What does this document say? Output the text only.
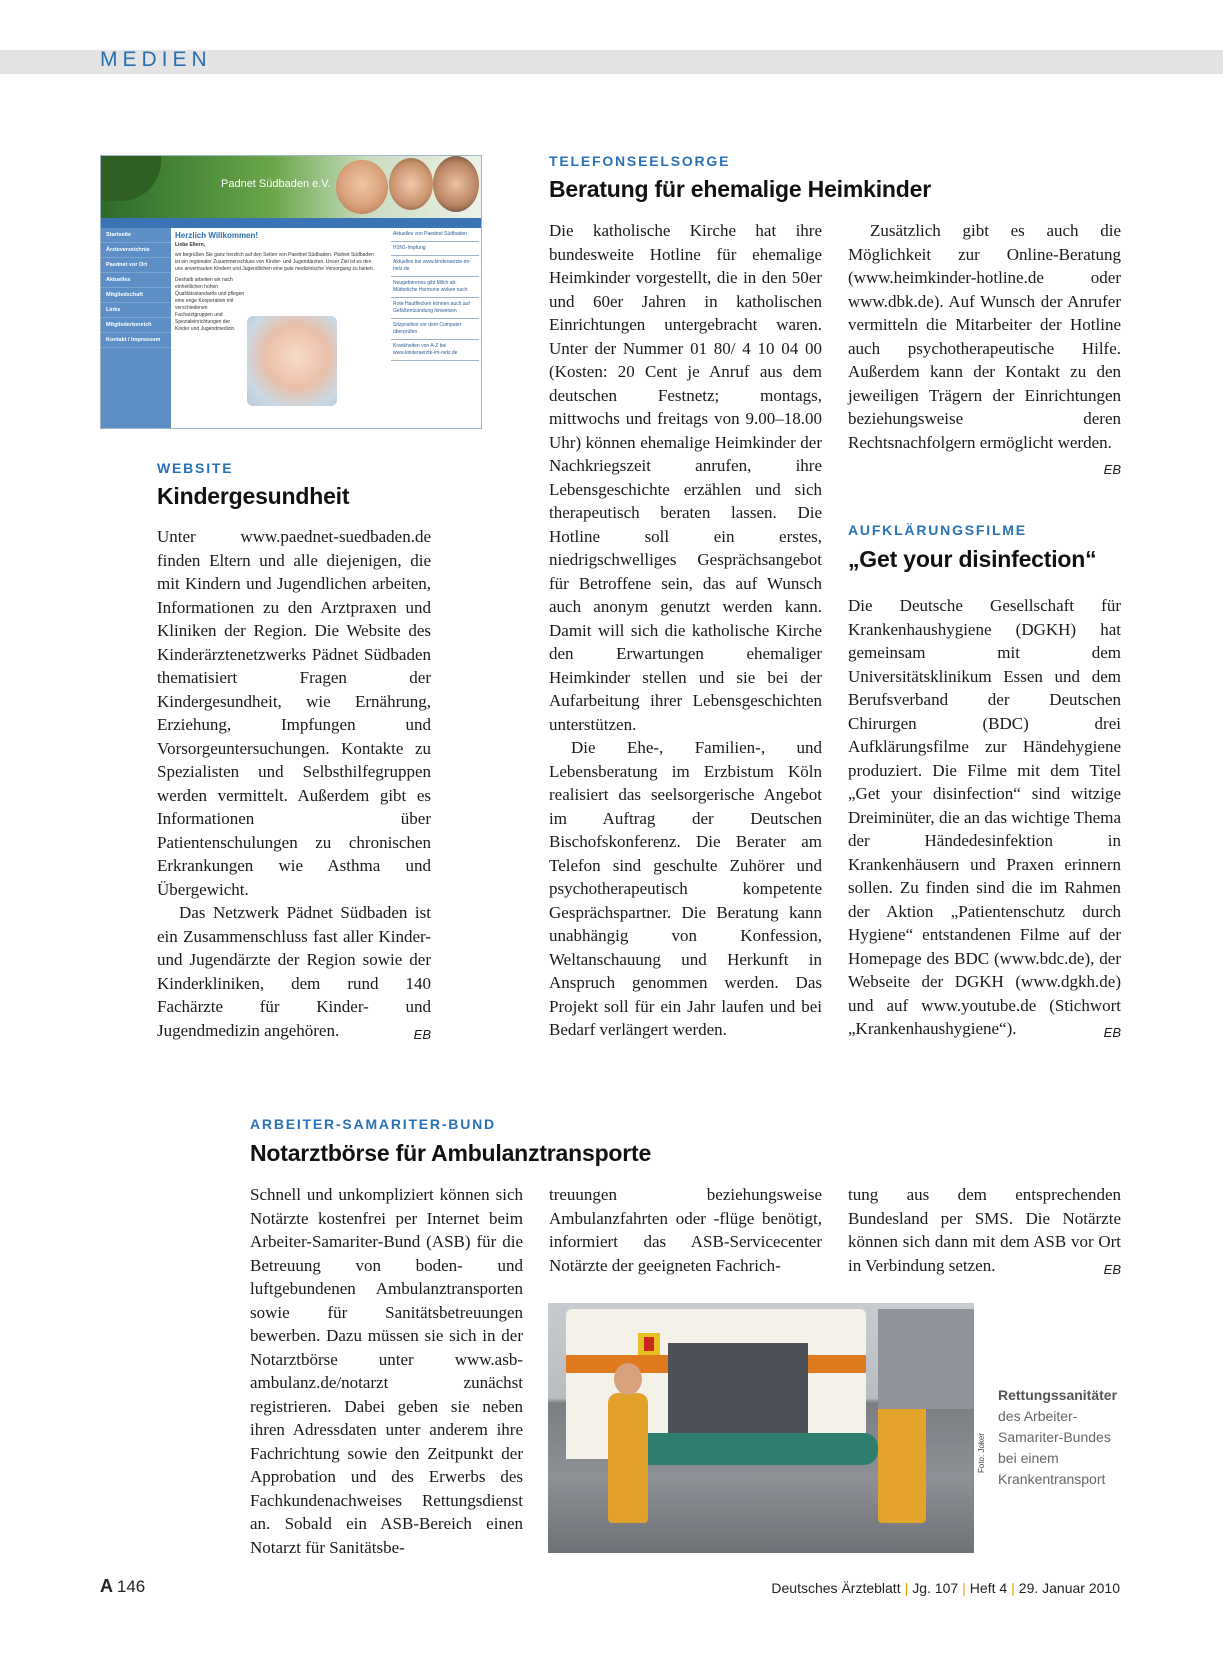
MEDIEN
Padnet Südbaden e.V.
Startseite
Ärzteverzeichnis
Paednet vor Ort
Aktuelles
Mitgliedschaft
Links
Mitgliederbereich
Kontakt / Impressum
Herzlich Willkommen!
Liebe Eltern,
wir begrüßen Sie ganz herzlich auf den Seiten von Paednet Südbaden. Pädnet Südbaden ist ein regionaler Zusammenschluss von Kinder- und Jugendärzten. Unser Ziel ist es den uns anvertrauten Kindern und Jugendlichen eine gute medizinische Versorgung zu bieten.
Deshalb arbeiten wir nach einheitlichen hohen Qualitätsstandards und pflegen eine enge Kooperation mit verschiedenen Facharztgruppen und Spezialeinrichtungen der Kinder und Jugendmedizin.
Aktuelles von Paednet Südbaden
H1N1-Impfung
Aktuelles bei www.kinderaerzte-im-netz.de
Neugeborenes gibt Milch ab: Mütterliche Hormone wirken nach
Rote Hautflecken können auch auf Gefäßentzündung hinweisen
Sitzposition vor dem Computer überprüfen
Krankheiten von A-Z bei www.kinderaerzte-im-netz.de
WEBSITE
Kindergesundheit

Unter www.paednet-suedbaden.de finden Eltern und alle diejenigen, die mit Kindern und Jugendlichen arbeiten, Informationen zu den Arztpraxen und Kliniken der Region. Die Website des Kinderärztenetzwerks Pädnet Südbaden thematisiert Fragen der Kindergesundheit, wie Ernährung, Erziehung, Impfungen und Vorsorgeuntersuchungen. Kontakte zu Spezialisten und Selbsthilfegruppen werden vermittelt. Außerdem gibt es Informationen über Patientenschulungen zu chronischen Erkrankungen wie Asthma und Übergewicht.

Das Netzwerk Pädnet Südbaden ist ein Zusammenschluss fast aller Kinder- und Jugendärzte der Region sowie der Kinderkliniken, dem rund 140 Fachärzte für Kinder- und Jugendmedizin angehören.	EB

TELEFONSEELSORGE
Beratung für ehemalige Heimkinder

Die katholische Kirche hat ihre bundesweite Hotline für ehemalige Heimkinder vorgestellt, die in den 50er und 60er Jahren in katholischen Einrichtungen untergebracht waren. Unter der Nummer 01 80/ 4 10 04 00 (Kosten: 20 Cent je Anruf aus dem deutschen Festnetz; montags, mittwochs und freitags von 9.00–18.00 Uhr) können ehemalige Heimkinder der Nachkriegszeit anrufen, ihre Lebensgeschichte erzählen und sich therapeutisch beraten lassen. Die Hotline soll ein erstes, niedrigschwelliges Gesprächsangebot für Betroffene sein, das auf Wunsch auch anonym genutzt werden kann. Damit will sich die katholische Kirche den Erwartungen ehemaliger Heimkinder stellen und sie bei der Aufarbeitung ihrer Lebensgeschichten unterstützen.

Die Ehe-, Familien-, und Lebensberatung im Erzbistum Köln realisiert das seelsorgerische Angebot im Auftrag der Deutschen Bischofskonferenz. Die Berater am Telefon sind geschulte Zuhörer und psychotherapeutisch kompetente Gesprächspartner. Die Beratung kann unabhängig von Konfession, Weltanschauung und Herkunft in Anspruch genommen werden. Das Projekt soll für ein Jahr laufen und bei Bedarf verlängert werden.

Zusätzlich gibt es auch die Möglichkeit zur Online-Beratung (www.heimkinder-hotline.de oder www.dbk.de). Auf Wunsch der Anrufer vermitteln die Mitarbeiter der Hotline auch psychotherapeutische Hilfe. Außerdem kann der Kontakt zu den jeweiligen Trägern der Einrichtungen beziehungsweise deren Rechtsnachfolgern ermöglicht werden.
EB

AUFKLÄRUNGSFILME
„Get your disinfection“

Die Deutsche Gesellschaft für Krankenhaushygiene (DGKH) hat gemeinsam mit dem Universitätsklinikum Essen und dem Berufsverband der Deutschen Chirurgen (BDC) drei Aufklärungsfilme zur Händehygiene produziert. Die Filme mit dem Titel „Get your disinfection“ sind witzige Dreiminüter, die an das wichtige Thema der Händedesinfektion in Krankenhäusern und Praxen erinnern sollen. Zu finden sind die im Rahmen der Aktion „Patientenschutz durch Hygiene“ entstandenen Filme auf der Homepage des BDC (www.bdc.de), der Webseite der DGKH (www.dgkh.de) und auf www.youtube.de (Stichwort „Krankenhaushygiene“).	EB

ARBEITER-SAMARITER-BUND
Notarztbörse für Ambulanztransporte

Schnell und unkompliziert können sich Notärzte kostenfrei per Internet beim Arbeiter-Samariter-Bund (ASB) für die Betreuung von boden- und luftgebundenen Ambulanztransporten sowie für Sanitätsbetreuungen bewerben. Dazu müssen sie sich in der Notarztbörse unter www.asb-ambulanz.de/notarzt zunächst registrieren. Dabei geben sie neben ihren Adressdaten unter anderem ihre Fachrichtung sowie den Zeitpunkt der Approbation und des Erwerbs des Fachkundenachweises Rettungsdienst an. Sobald ein ASB-Bereich einen Notarzt für Sanitätsbe-

treuungen beziehungsweise Ambulanzfahrten oder -flüge benötigt, informiert das ASB-Servicecenter Notärzte der geeigneten Fachrich-

tung aus dem entsprechenden Bundesland per SMS. Die Notärzte können sich dann mit dem ASB vor Ort in Verbindung setzen.	EB

Foto: Joker
Rettungssanitäter des Arbeiter-Samariter-Bundes bei einem Krankentransport
A 146	Deutsches Ärzteblatt | Jg. 107 | Heft 4 | 29. Januar 2010
